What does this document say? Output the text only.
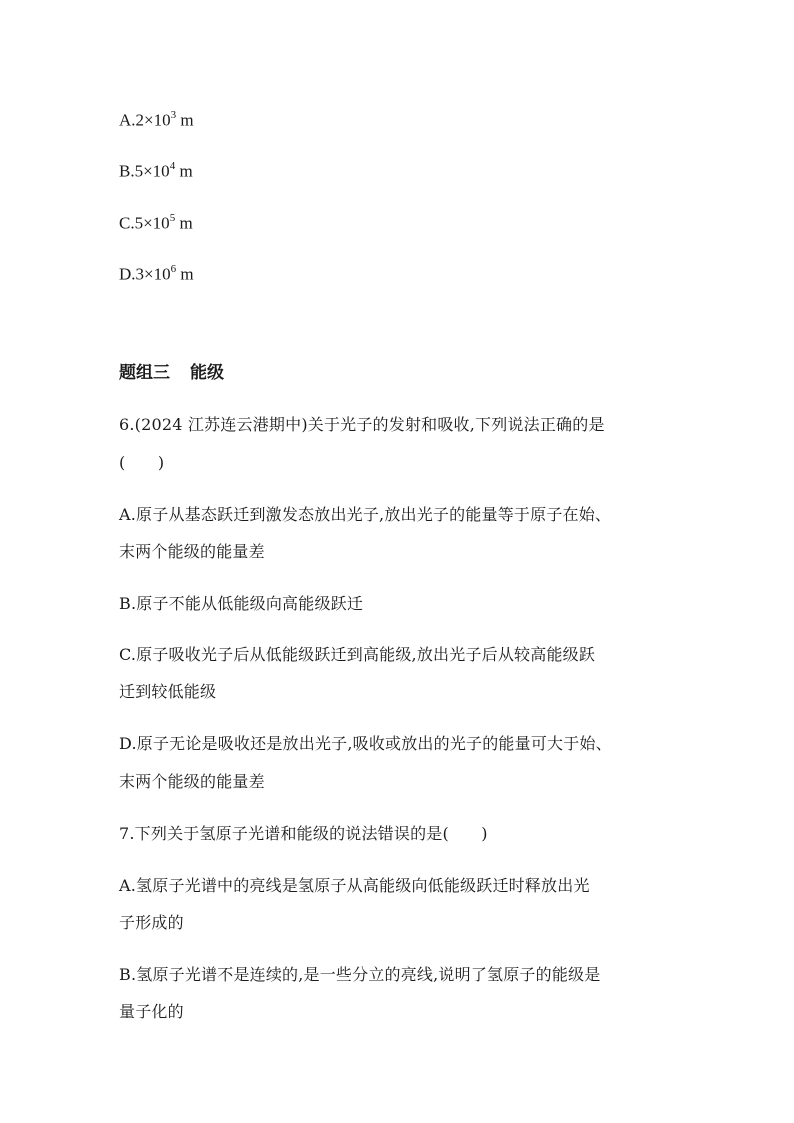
$A.2\times 10^3$ m
$B.5\times 10^4$ m
$C.5\times 10^5$ m
$D.3\times 10^6$ m
题组三 能级
6.(2024 江苏连云港期中)关于光子的发射和吸收,下列说法正确的是
(　　)
A.原子从基态跃迁到激发态放出光子,放出光子的能量等于原子在始、
末两个能级的能量差
B.原子不能从低能级向高能级跃迁
C.原子吸收光子后从低能级跃迁到高能级,放出光子后从较高能级跃
迁到较低能级
D.原子无论是吸收还是放出光子,吸收或放出的光子的能量可大于始、
末两个能级的能量差
7.下列关于氢原子光谱和能级的说法错误的是(　　)
A.氢原子光谱中的亮线是氢原子从高能级向低能级跃迁时释放出光
子形成的
B.氢原子光谱不是连续的,是一些分立的亮线,说明了氢原子的能级是
量子化的
